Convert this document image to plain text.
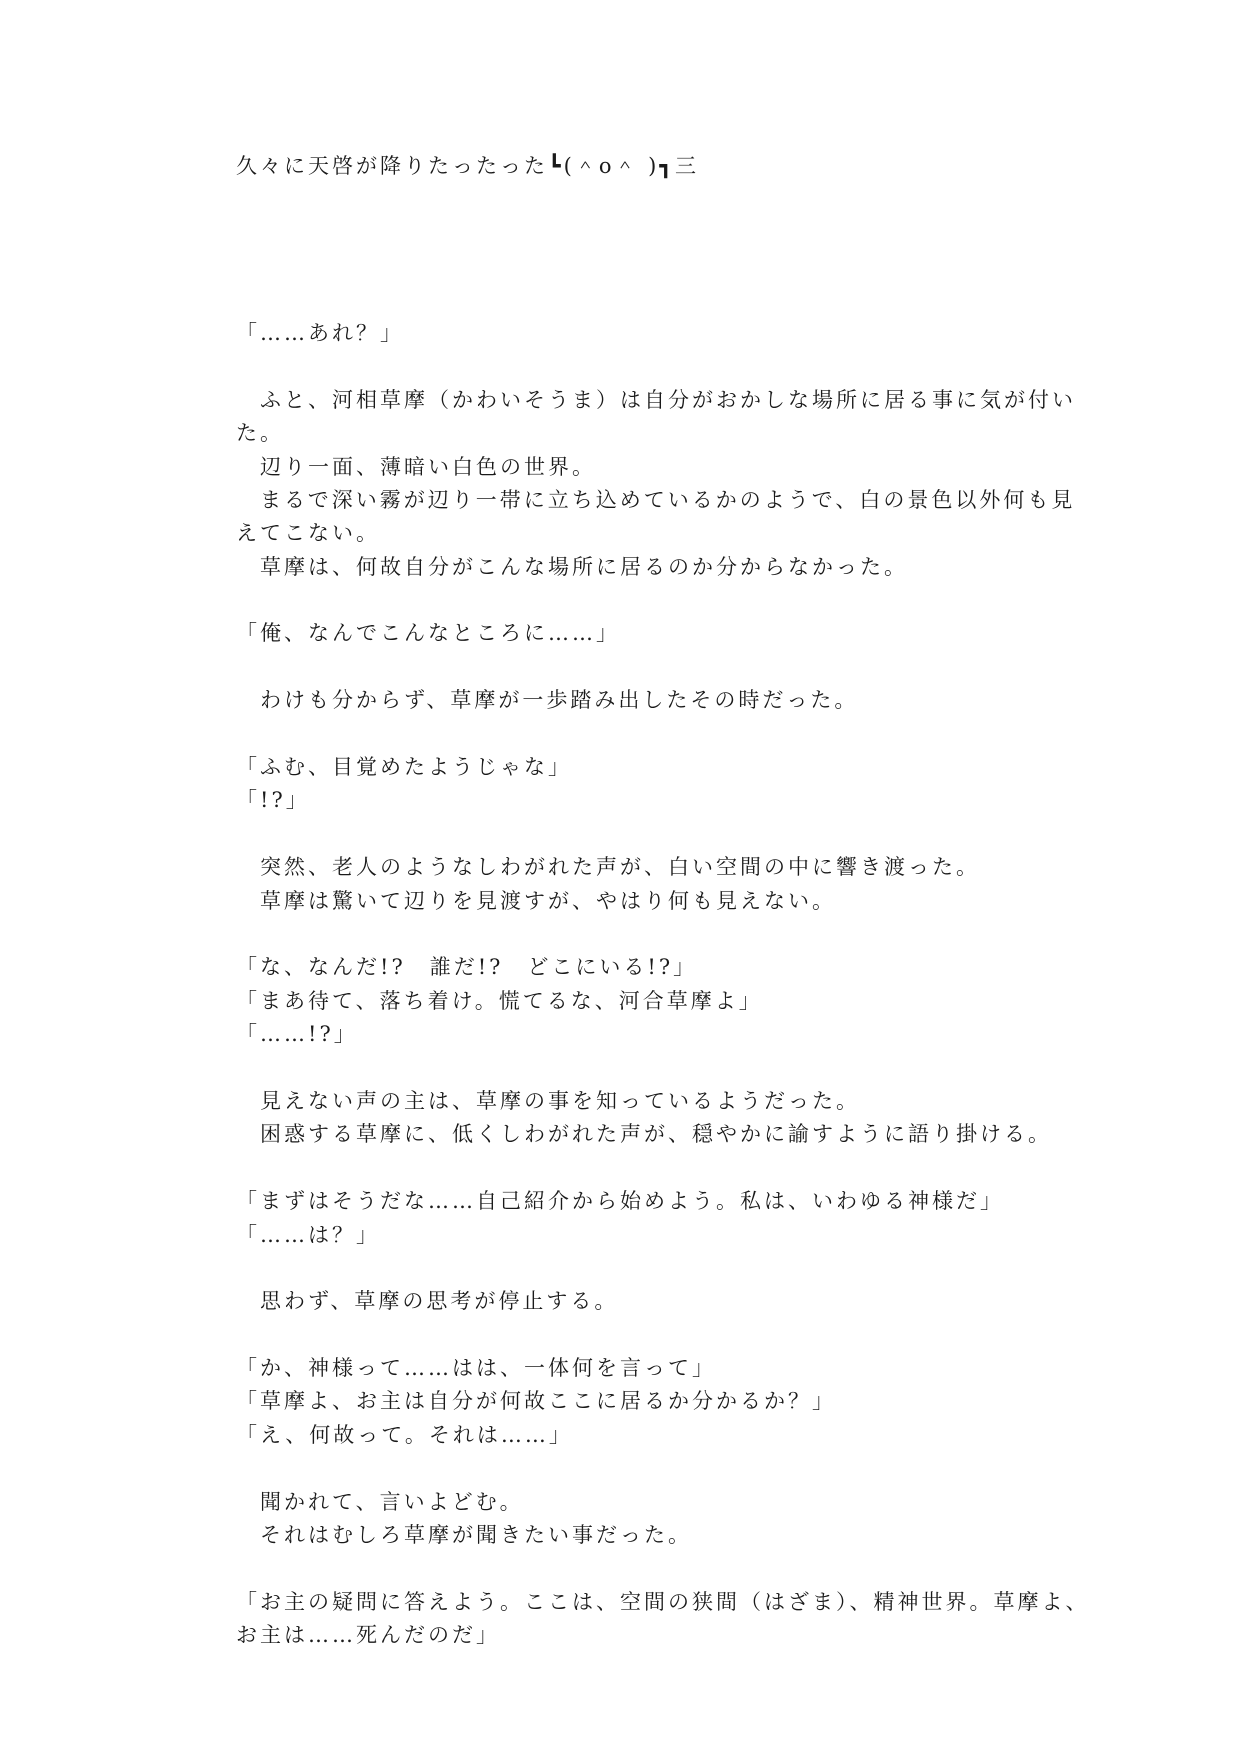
久々に天啓が降りたったった┗(＾o＾ )┓三
「……あれ？」
　ふと、河相草摩（かわいそうま）は自分がおかしな場所に居る事に気が付い
た。
　辺り一面、薄暗い白色の世界。
　まるで深い霧が辺り一帯に立ち込めているかのようで、白の景色以外何も見
えてこない。
　草摩は、何故自分がこんな場所に居るのか分からなかった。
「俺、なんでこんなところに……」
　わけも分からず、草摩が一歩踏み出したその時だった。
「ふむ、目覚めたようじゃな」
「!?」
　突然、老人のようなしわがれた声が、白い空間の中に響き渡った。
　草摩は驚いて辺りを見渡すが、やはり何も見えない。
「な、なんだ!?　誰だ!?　どこにいる!?」
「まあ待て、落ち着け。慌てるな、河合草摩よ」
「……!?」
　見えない声の主は、草摩の事を知っているようだった。
　困惑する草摩に、低くしわがれた声が、穏やかに諭すように語り掛ける。
「まずはそうだな……自己紹介から始めよう。私は、いわゆる神様だ」
「……は？」
　思わず、草摩の思考が停止する。
「か、神様って……はは、一体何を言って」
「草摩よ、お主は自分が何故ここに居るか分かるか？」
「え、何故って。それは……」
　聞かれて、言いよどむ。
　それはむしろ草摩が聞きたい事だった。
「お主の疑問に答えよう。ここは、空間の狭間（はざま）、精神世界。草摩よ、
お主は……死んだのだ」
